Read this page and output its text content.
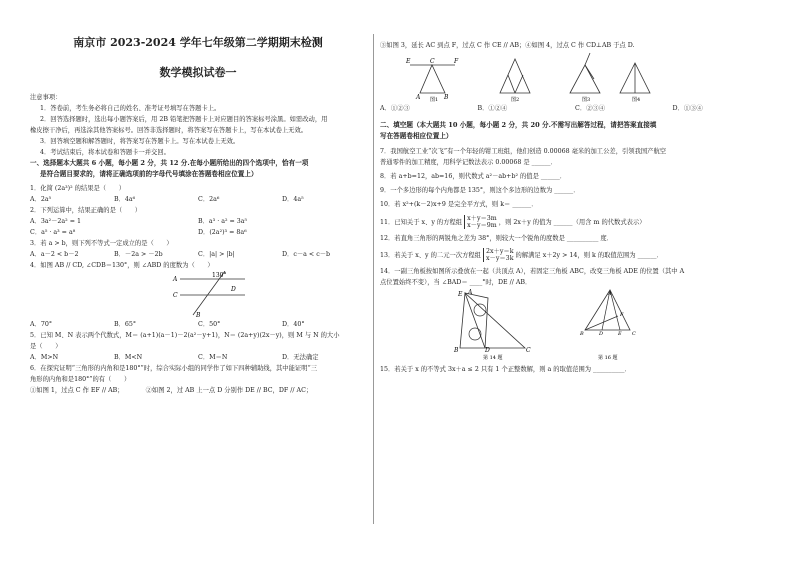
南京市 2023-2024 学年七年级第二学期期末检测

数学模拟试卷一

注意事项：
1．答卷前，考生务必将自己的姓名、准考证号填写在答题卡上。
2．回答选择题时，选出每小题答案后，用 2B 铅笔把答题卡上对应题目的答案标号涂黑。如需改动，用
橡皮擦干净后，再选涂其他答案标号。回答非选择题时，将答案写在答题卡上，写在本试卷上无效。
3．回答填空题和解答题时，将答案写在答题卡上。写在本试卷上无效。
4．考试结束后，将本试卷和答题卡一并交回。
一、选择题本大题共 6 小题，每小题 2 分，共 12 分.在每小题所给出的四个选项中，恰有一项
是符合题目要求的，请将正确选项前的字母代号填涂在答题卷相应位置上）
1．化简 (2a³)² 的结果是（　　）
A．2a⁵	B．4a⁶	C．2a⁶	D．4a⁵
2．下列运算中，结果正确的是（　　）
A．3a²－2a² = 1	B．a³ · a² = 3a⁵
C．a⁵ · a³ = a⁸	D．(2a²)³ = 8a⁶
3．若 a > b，则下列不等式一定成立的是（　　）
A．a－2 < b－2	B．－2a > －2b	C．|a| > |b|	D．c－a < c－b
4．如图 AB // CD, ∠CDB＝130°，则 ∠ABD 的度数为（　　）
130°
A
C
D
B
A．70°	B．65°	C．50°	D．40°
5．已知 M、N 表示两个代数式，M＝ (a+1)(a－1)－2(a²－y+1)，N＝ (2a+y)(2x－y)，则 M 与 N 的大小
是（　　）
A．M>N	B．M<N	C．M＝N	D．无法确定
6．在探究证明“三角形的内角和是180°”时，综合实际小组的同学作了如下四种辅助线，其中能证明“三
角形的内角和是180°”的有（　　）
①如图 1，过点 C 作 EF // AB；　　　　②如图 2，过 AB 上一点 D 分别作 DE // BC，DF // AC；
③如图 3，延长 AC 到点 F，过点 C 作 CE // AB；④如图 4，过点 C 作 CD⊥AB 于点 D.
E	C	F
A	B
图1	图2	图3	图4
A．①②③	B．①②④	C．②③④	D．①③④
二、填空题（本大题共 10 小题，每小题 2 分，共 20 分.不需写出解答过程，请把答案直接填
写在答题卷相应位置上）
7．我国航空工业“次飞”有一个年轻的钳工班组，他们创造 0.00068 毫米的加工公差，引领我国产航空
普通零件的加工精度，用科学记数法表示 0.00068 是 ______．
8．若 a+b=12，ab=16，则代数式 a²－ab+b² 的值是 ______．
9．一个多边形的每个内角都是 135°，则这个多边形的边数为 ______．
10．若 x²+(k－2)x+9 是完全平方式，则 k＝ ______．
11．已知关于 x、y 的方程组 x＋y＝3m
x－y＝9m ，则 2x＋y 的值为 ______（用含 m 的代数式表示）
12．若直角三角形的两锐角之差为 38°，则较大一个锐角的度数是 __________ 度．
13．若关于 x、y 的二元一次方程组 2x＋y＝k
x－y＝3k 的解满足 x＋2y > 14，则 k 的取值范围为 ______．
14．一副三角板按如图所示叠放在一起（共顶点 A），若固定三角板 ABC，改变三角板 ADE 的位置（其中 A
点位置始终不变），当 ∠BAD＝ ____°时，DE // AB．
E A
B	C
D
第 14 题
A
B	C
D	E
F
第 16 题
15．若关于 x 的不等式 3x＋a ≤ 2 只有 1 个正整数解，则 a 的取值范围为 __________．
